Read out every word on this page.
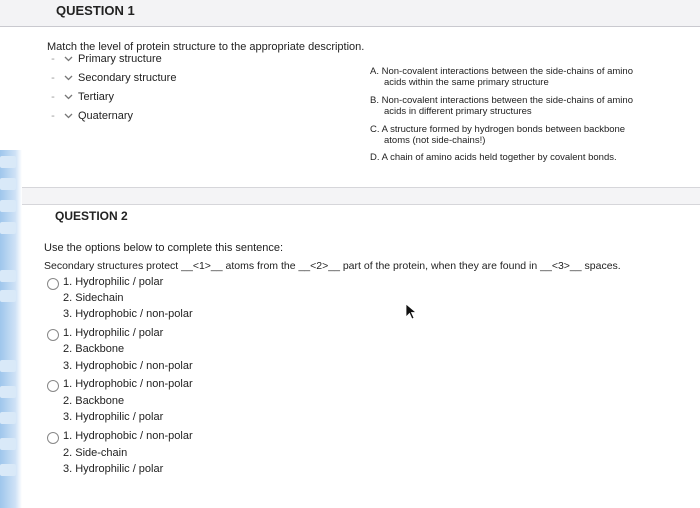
QUESTION 1
Match the level of protein structure to the appropriate description.
- Primary structure
- Secondary structure
- Tertiary
- Quaternary
A. Non-covalent interactions between the side-chains of amino
acids within the same primary structure
B. Non-covalent interactions between the side-chains of amino
acids in different primary structures
C. A structure formed by hydrogen bonds between backbone
atoms (not side-chains!)
D. A chain of amino acids held together by covalent bonds.
QUESTION 2
Use the options below to complete this sentence:
Secondary structures protect __<1>__ atoms from the __<2>__ part of the protein, when they are found in __<3>__ spaces.
1. Hydrophilic / polar
2. Sidechain
3. Hydrophobic / non-polar
1. Hydrophilic / polar
2. Backbone
3. Hydrophobic / non-polar
1. Hydrophobic / non-polar
2. Backbone
3. Hydrophilic / polar
1. Hydrophobic / non-polar
2. Side-chain
3. Hydrophilic / polar
